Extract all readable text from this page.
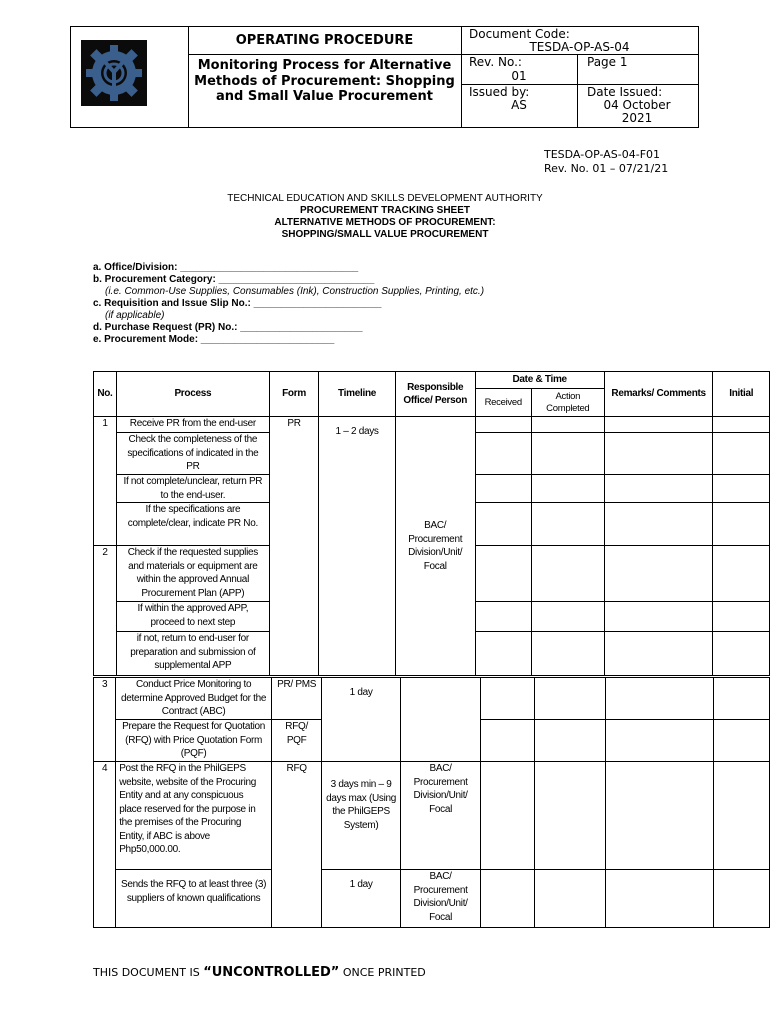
OPERATING PROCEDURE
Monitoring Process for Alternative Methods of Procurement: Shopping and Small Value Procurement
Document Code:
TESDA-OP-AS-04
Rev. No.:
01
Page 1
Issued by:
AS
Date Issued:
04 October 2021
TESDA-OP-AS-04-F01
Rev. No. 01 – 07/21/21
TECHNICAL EDUCATION AND SKILLS DEVELOPMENT AUTHORITY
PROCUREMENT TRACKING SHEET
ALTERNATIVE METHODS OF PROCUREMENT:
SHOPPING/SMALL VALUE PROCUREMENT
a. Office/Division: ________________________________
b. Procurement Category: ____________________________
(i.e. Common-Use Supplies, Consumables (Ink), Construction Supplies, Printing, etc.)
c. Requisition and Issue Slip No.: _______________________
(if applicable)
d. Purchase Request (PR) No.: ______________________
e. Procurement Mode: ________________________
No.	Process	Form	Timeline	Responsible Office/ Person	Date & Time		Remarks/ Comments	Initial
					Received	Action Completed		
1	Receive PR from the end-user	PR	1 – 2 days	BAC/ Procurement Division/Unit/ Focal				
	Check the completeness of the specifications of indicated in the PR							
	If not complete/unclear, return PR to the end-user.							
	If the specifications are complete/clear, indicate PR No.							
2	Check if the requested supplies and materials or equipment are within the approved Annual Procurement Plan (APP)							
	If within the approved APP, proceed to next step							
	if not, return to end-user for preparation and submission of supplemental APP							
3	Conduct Price Monitoring to determine Approved Budget for the Contract (ABC)	PR/ PMS	1 day					
	Prepare the Request for Quotation (RFQ) with Price Quotation Form (PQF)	RFQ/ PQF						
4	Post the RFQ in the PhilGEPS website, website of the Procuring Entity and at any conspicuous place reserved for the purpose in the premises of the Procuring Entity, if ABC is above Php50,000.00.	RFQ	3 days min – 9 days max (Using the PhilGEPS System)	BAC/ Procurement Division/Unit/ Focal				
	Sends the RFQ to at least three (3) suppliers of known qualifications		1 day	BAC/ Procurement Division/Unit/ Focal				
THIS DOCUMENT IS “UNCONTROLLED” ONCE PRINTED
